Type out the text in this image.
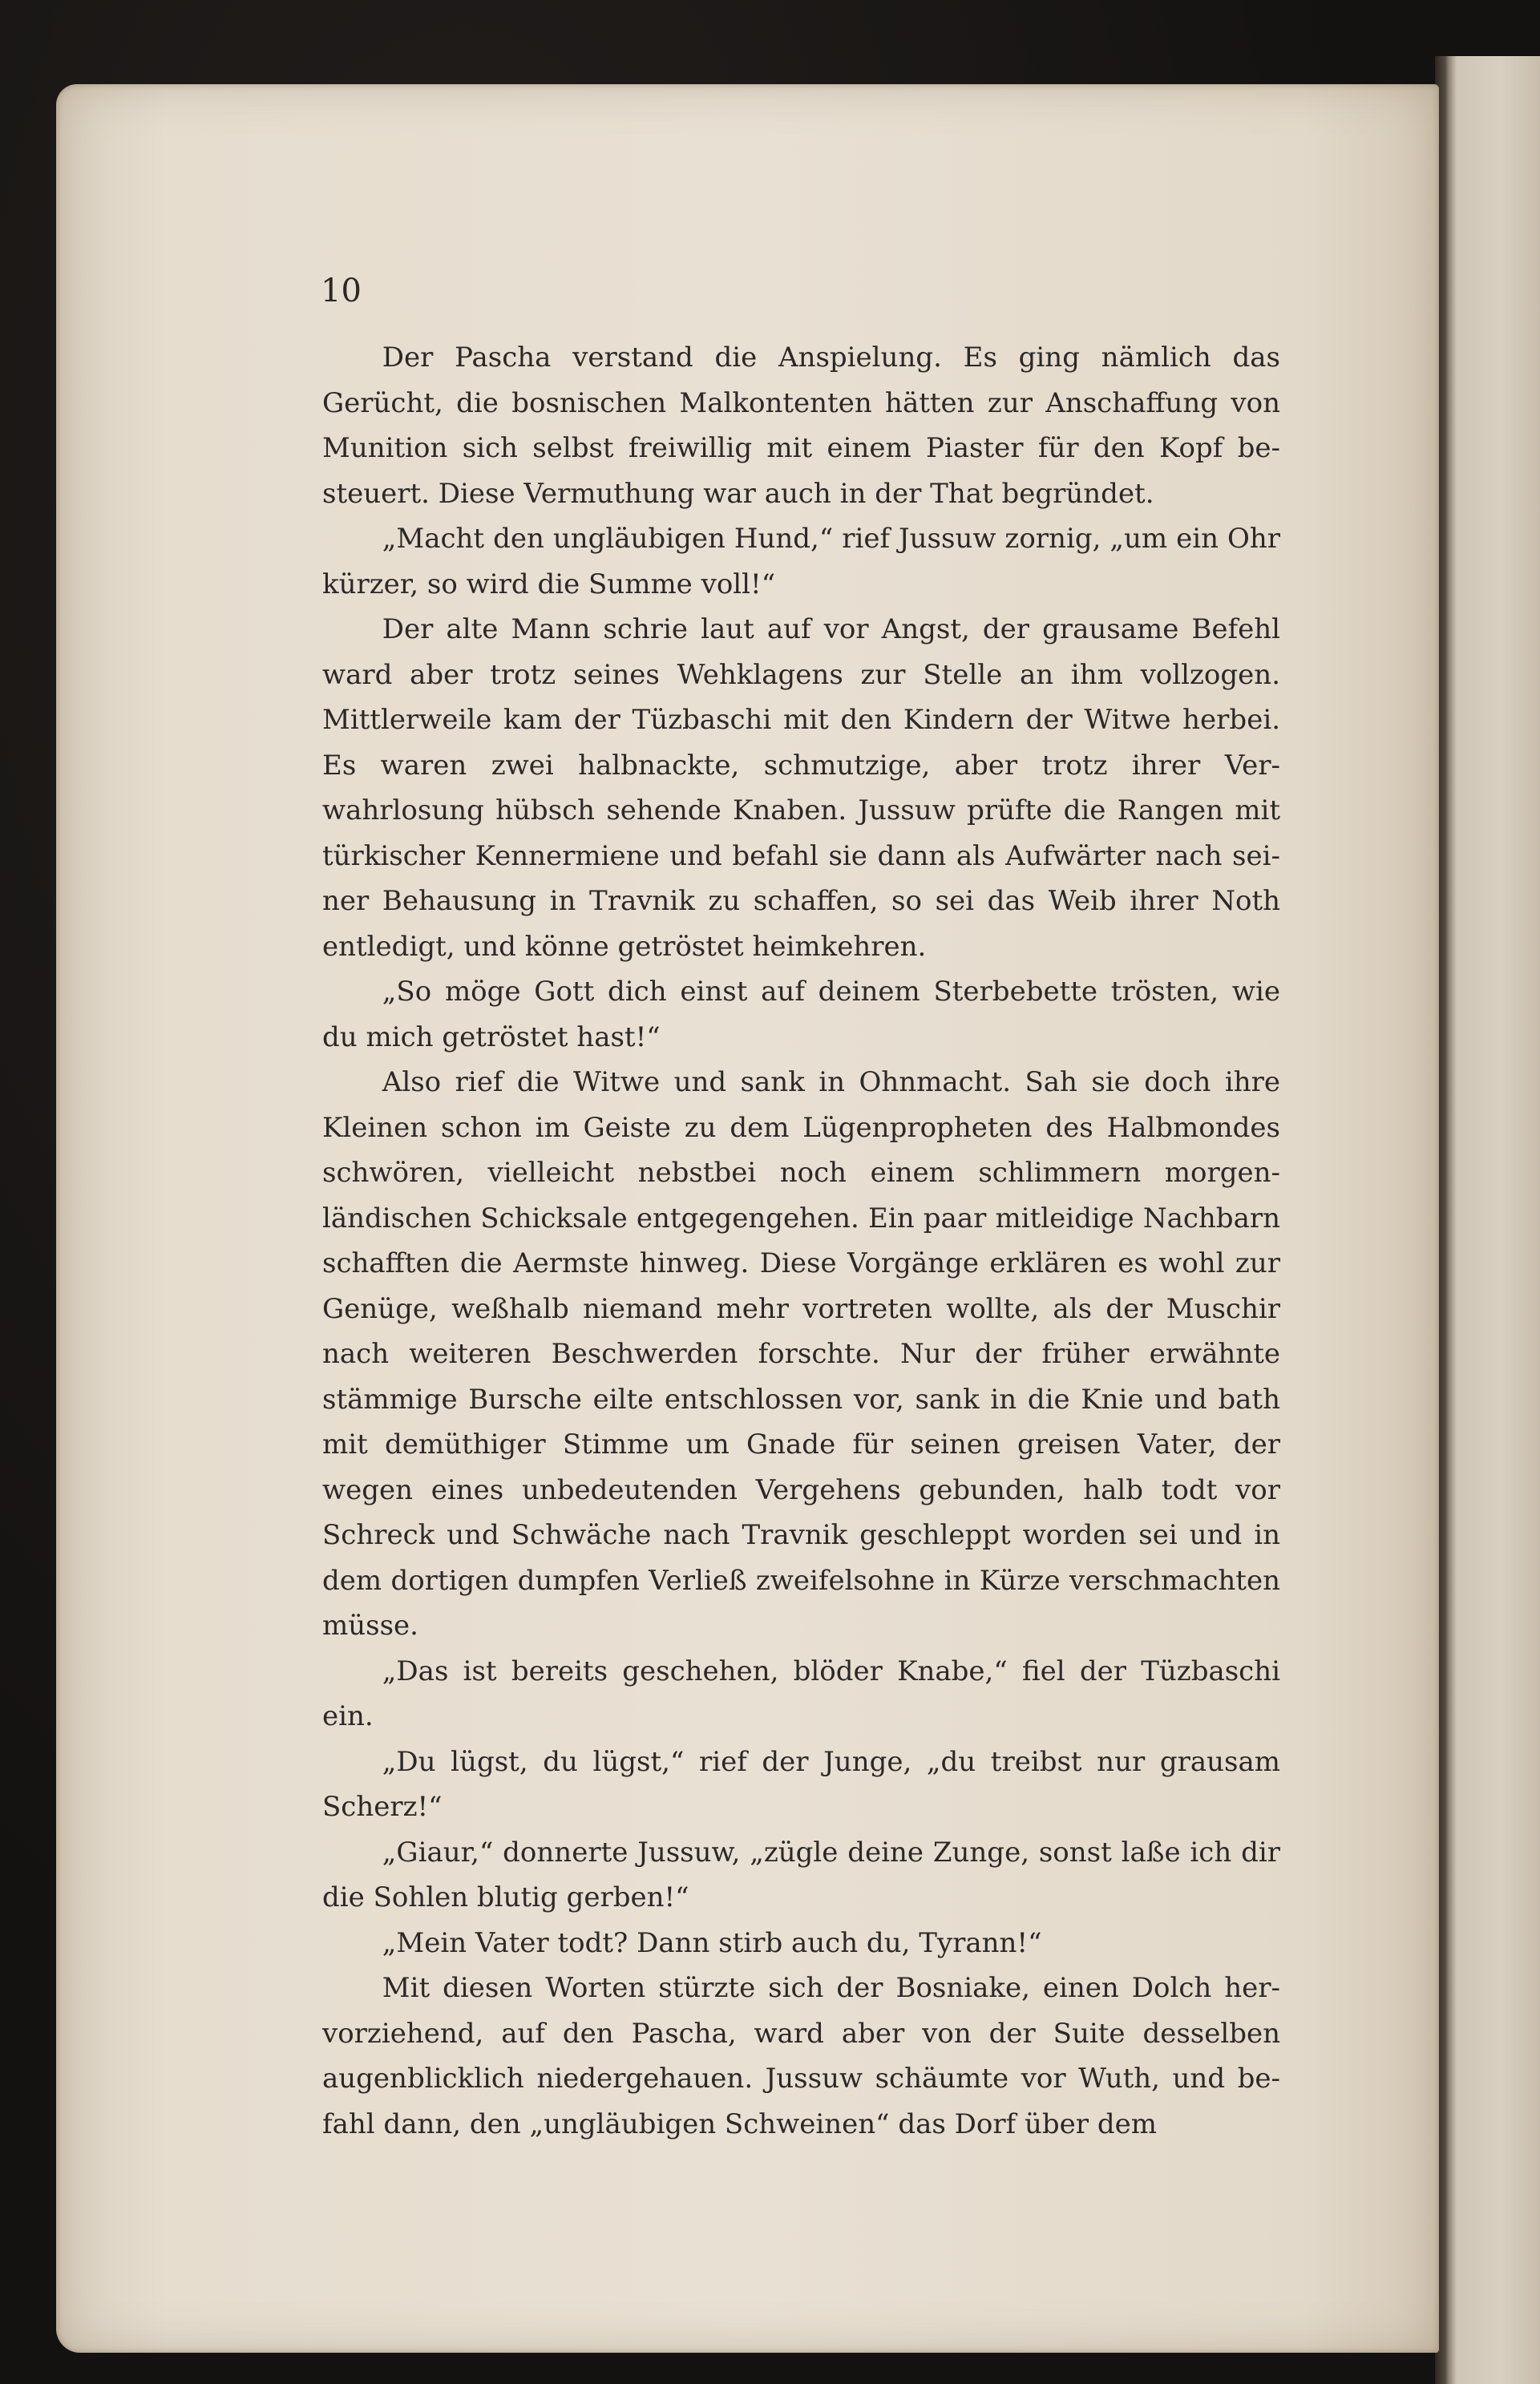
10

Der Pascha verstand die Anspielung. Es ging nämlich das Gerücht, die bosnischen Malkontenten hätten zur Anschaffung von Munition sich selbst freiwillig mit einem Piaster für den Kopf besteuert. Diese Vermuthung war auch in der That begründet.

„Macht den ungläubigen Hund,“ rief Jussuw zornig, „um ein Ohr kürzer, so wird die Summe voll!“

Der alte Mann schrie laut auf vor Angst, der grausame Befehl ward aber trotz seines Wehklagens zur Stelle an ihm vollzogen. Mittlerweile kam der Tüzbaschi mit den Kindern der Witwe herbei. Es waren zwei halbnackte, schmutzige, aber trotz ihrer Verwahrlosung hübsch sehende Knaben. Jussuw prüfte die Rangen mit türkischer Kennermiene und befahl sie dann als Aufwärter nach seiner Behausung in Travnik zu schaffen, so sei das Weib ihrer Noth entledigt, und könne getröstet heimkehren.

„So möge Gott dich einst auf deinem Sterbebette trösten, wie du mich getröstet hast!“

Also rief die Witwe und sank in Ohnmacht. Sah sie doch ihre Kleinen schon im Geiste zu dem Lügenpropheten des Halbmondes schwören, vielleicht nebstbei noch einem schlimmern morgenländischen Schicksale entgegengehen. Ein paar mitleidige Nachbarn schafften die Aermste hinweg. Diese Vorgänge erklären es wohl zur Genüge, weßhalb niemand mehr vortreten wollte, als der Muschir nach weiteren Beschwerden forschte. Nur der früher erwähnte stämmige Bursche eilte entschlossen vor, sank in die Knie und bath mit demüthiger Stimme um Gnade für seinen greisen Vater, der wegen eines unbedeutenden Vergehens gebunden, halb todt vor Schreck und Schwäche nach Travnik geschleppt worden sei und in dem dortigen dumpfen Verließ zweifelsohne in Kürze verschmachten müsse.

„Das ist bereits geschehen, blöder Knabe,“ fiel der Tüzbaschi ein.

„Du lügst, du lügst,“ rief der Junge, „du treibst nur grausam Scherz!“

„Giaur,“ donnerte Jussuw, „zügle deine Zunge, sonst laße ich dir die Sohlen blutig gerben!“

„Mein Vater todt? Dann stirb auch du, Tyrann!“

Mit diesen Worten stürzte sich der Bosniake, einen Dolch hervorziehend, auf den Pascha, ward aber von der Suite desselben augenblicklich niedergehauen. Jussuw schäumte vor Wuth, und befahl dann, den „ungläubigen Schweinen“ das Dorf über dem
